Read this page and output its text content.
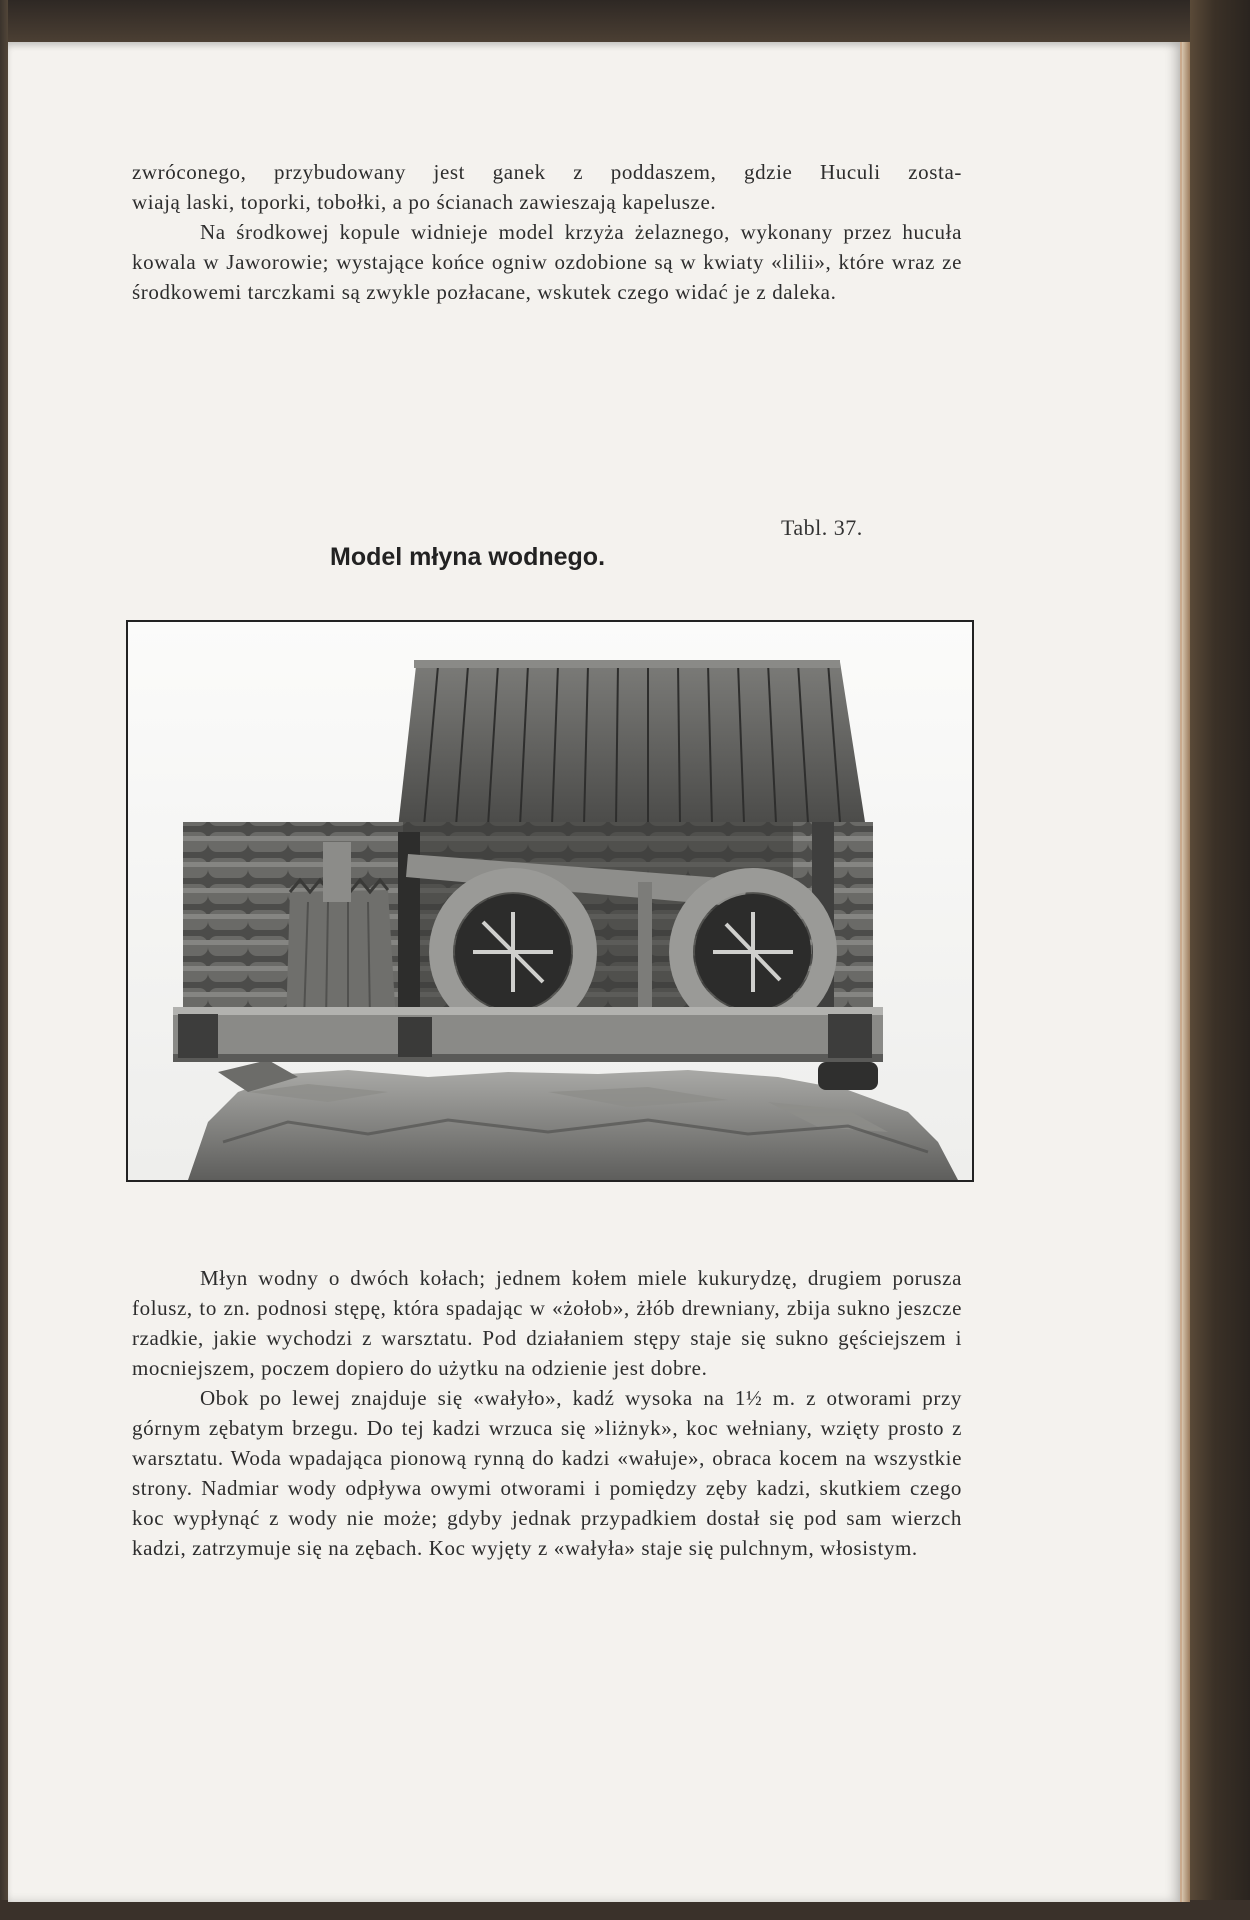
zwróconego, przybudowany jest ganek z poddaszem, gdzie Huculi zosta-

wiają laski, toporki, tobołki, a po ścianach zawieszają kapelusze.

Na środkowej kopule widnieje model krzyża żelaznego, wykonany przez hucuła kowala w Jaworowie; wystające końce ogniw ozdobione są w kwiaty «lilii», które wraz ze środkowemi tarczkami są zwykle pozłacane, wskutek czego widać je z daleka.

Tabl. 37.
Model młyna wodnego.

Młyn wodny o dwóch kołach; jednem kołem miele kukurydzę, drugiem porusza folusz, to zn. podnosi stępę, która spadając w «żołob», żłób drewniany, zbija sukno jeszcze rzadkie, jakie wychodzi z warsztatu. Pod działaniem stępy staje się sukno gęściejszem i mocniejszem, poczem dopiero do użytku na odzienie jest dobre.

Obok po lewej znajduje się «wałyło», kadź wysoka na 1½ m. z otworami przy górnym zębatym brzegu. Do tej kadzi wrzuca się »liżnyk», koc wełniany, wzięty prosto z warsztatu. Woda wpadająca pionową rynną do kadzi «wałuje», obraca kocem na wszystkie strony. Nadmiar wody odpływa owymi otworami i pomiędzy zęby kadzi, skutkiem czego koc wypłynąć z wody nie może; gdyby jednak przypadkiem dostał się pod sam wierzch kadzi, zatrzymuje się na zębach. Koc wyjęty z «wałyła» staje się pulchnym, włosistym.
